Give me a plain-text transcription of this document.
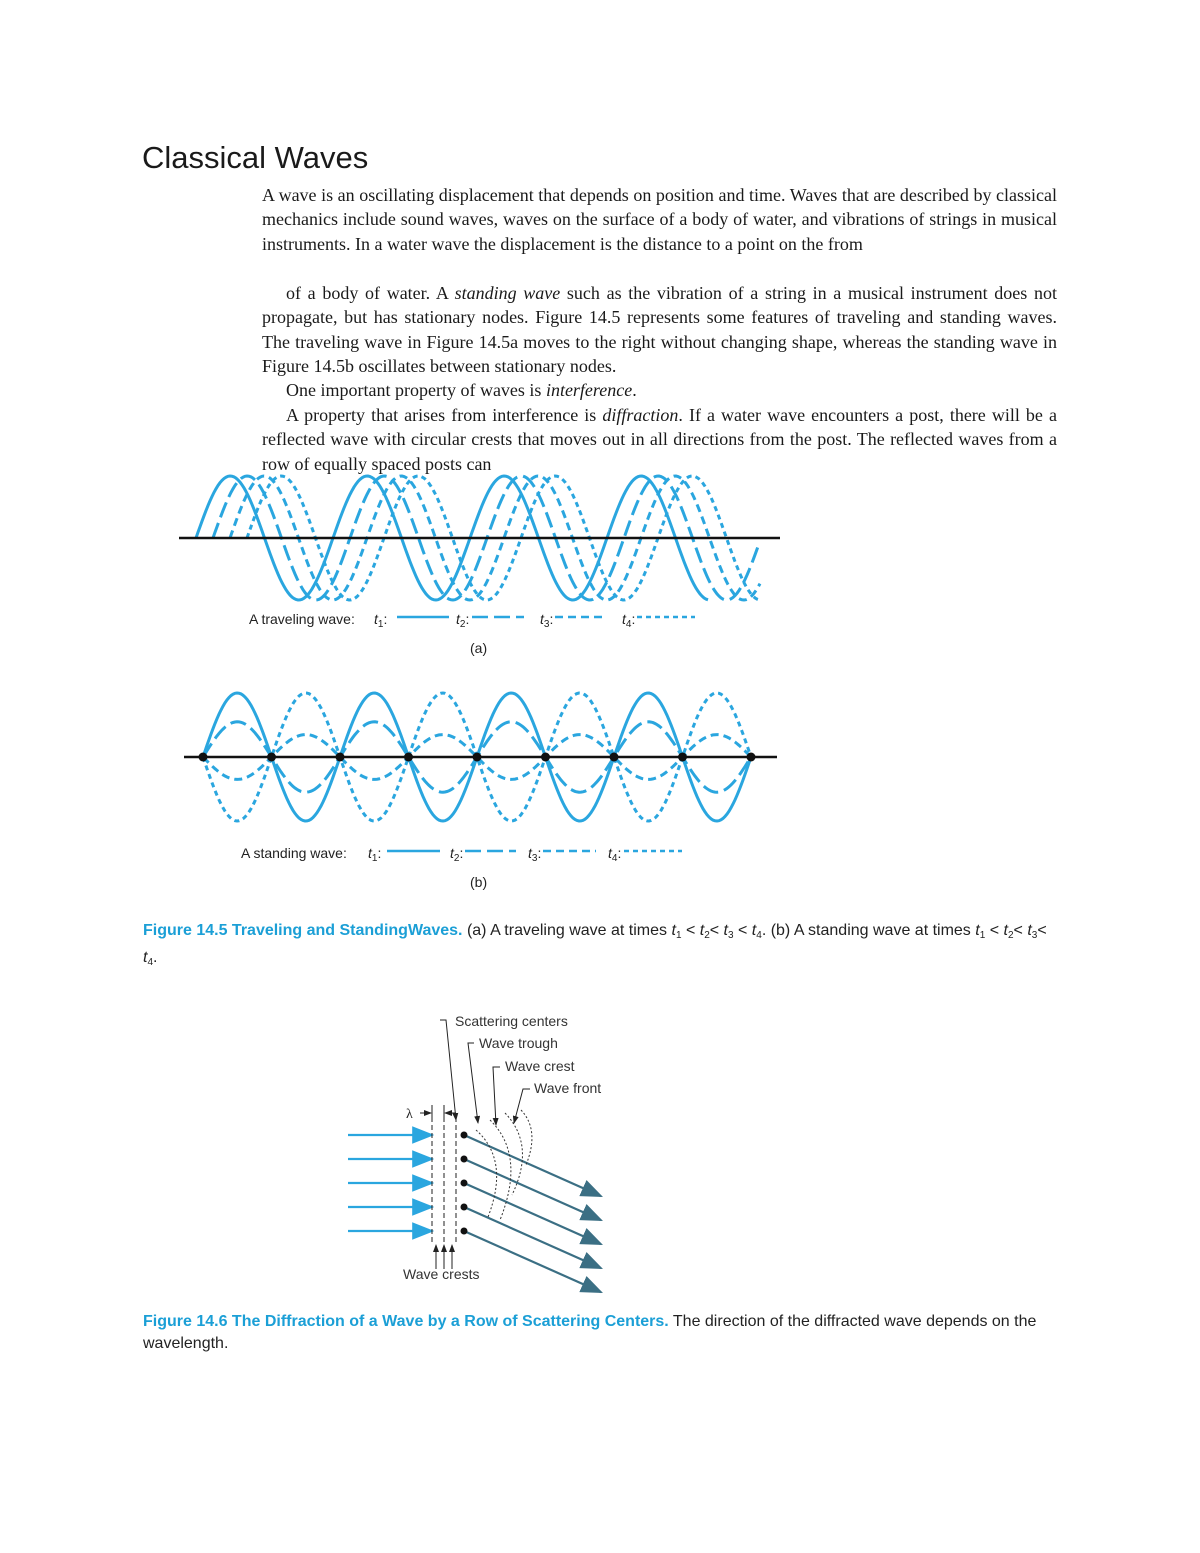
Classical Waves
A wave is an oscillating displacement that depends on position and time. Waves that are described by classical mechanics include sound waves, waves on the surface of a body of water, and vibrations of strings in musical instruments. In a water wave the displacement is the distance to a point on the from
of a body of water. A standing wave such as the vibration of a string in a musical instrument does not propagate, but has stationary nodes. Figure 14.5 represents some features of traveling and standing waves. The traveling wave in Figure 14.5a moves to the right without changing shape, whereas the standing wave in Figure 14.5b oscillates between stationary nodes.
One important property of waves is interference.
A property that arises from interference is diffraction. If a water wave encounters a post, there will be a reflected wave with circular crests that moves out in all directions from the post. The reflected waves from a row of equally spaced posts can
A traveling wave: $t_1$:	$t_2$:	$t_3$:	$t_4$:
(a)
A standing wave: $t_1$:	$t_2$:	$t_3$:	$t_4$:
(b)
Figure 14.5 Traveling and StandingWaves. (a) A traveling wave at times $t_1 < t_2< t_3 < t_4$. (b) A standing wave at times $t_1 < t_2< t_3< t_4$.
λ
Scattering centers
Wave trough
Wave crest
Wave front
Wave crests
Figure 14.6 The Diffraction of a Wave by a Row of Scattering Centers. The direction of the diffracted wave depends on the wavelength.
